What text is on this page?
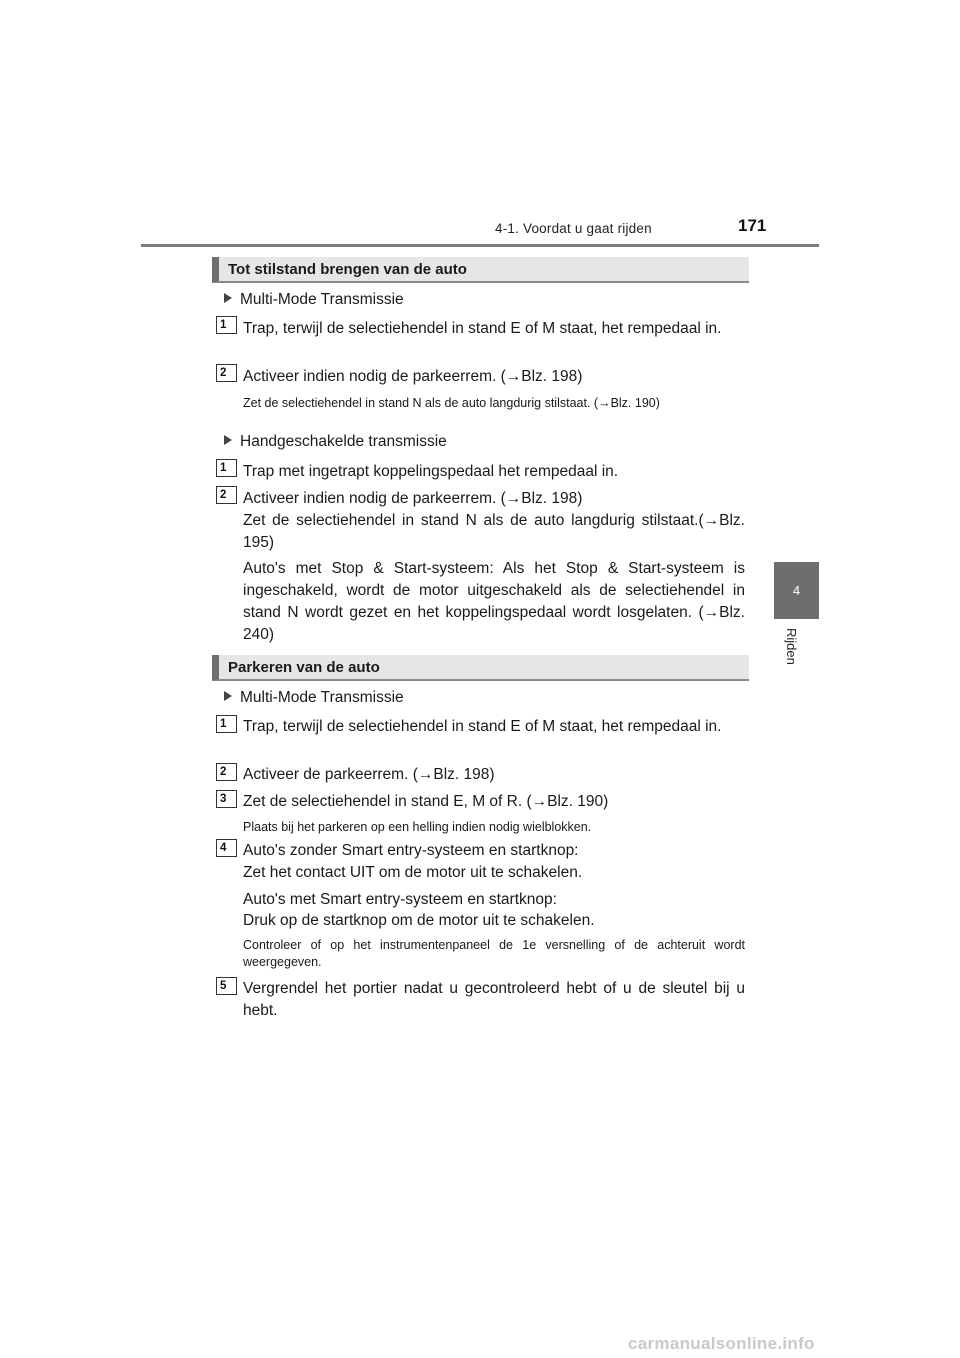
4-1. Voordat u gaat rijden	171
4
Rijden
Tot stilstand brengen van de auto
Multi-Mode Transmissie
1	Trap, terwijl de selectiehendel in stand E of M staat, het rempedaal in.
2	Activeer indien nodig de parkeerrem. (→Blz. 198)
Zet de selectiehendel in stand N als de auto langdurig stilstaat. (→Blz. 190)
Handgeschakelde transmissie
1	Trap met ingetrapt koppelingspedaal het rempedaal in.
2	Activeer indien nodig de parkeerrem. (→Blz. 198)
Zet de selectiehendel in stand N als de auto langdurig stilstaat.(→Blz. 195)
Auto's met Stop & Start-systeem: Als het Stop & Start-systeem is ingeschakeld, wordt de motor uitgeschakeld als de selectiehendel in stand N wordt gezet en het koppelingspedaal wordt losgelaten. (→Blz. 240)
Parkeren van de auto
Multi-Mode Transmissie
1	Trap, terwijl de selectiehendel in stand E of M staat, het rempedaal in.
2	Activeer de parkeerrem. (→Blz. 198)
3	Zet de selectiehendel in stand E, M of R. (→Blz. 190)
Plaats bij het parkeren op een helling indien nodig wielblokken.
4	Auto's zonder Smart entry-systeem en startknop:
Zet het contact UIT om de motor uit te schakelen.
Auto's met Smart entry-systeem en startknop:
Druk op de startknop om de motor uit te schakelen.
Controleer of op het instrumentenpaneel de 1e versnelling of de achteruit wordt weergegeven.
5	Vergrendel het portier nadat u gecontroleerd hebt of u de sleutel bij u hebt.
carmanualsonline.info
